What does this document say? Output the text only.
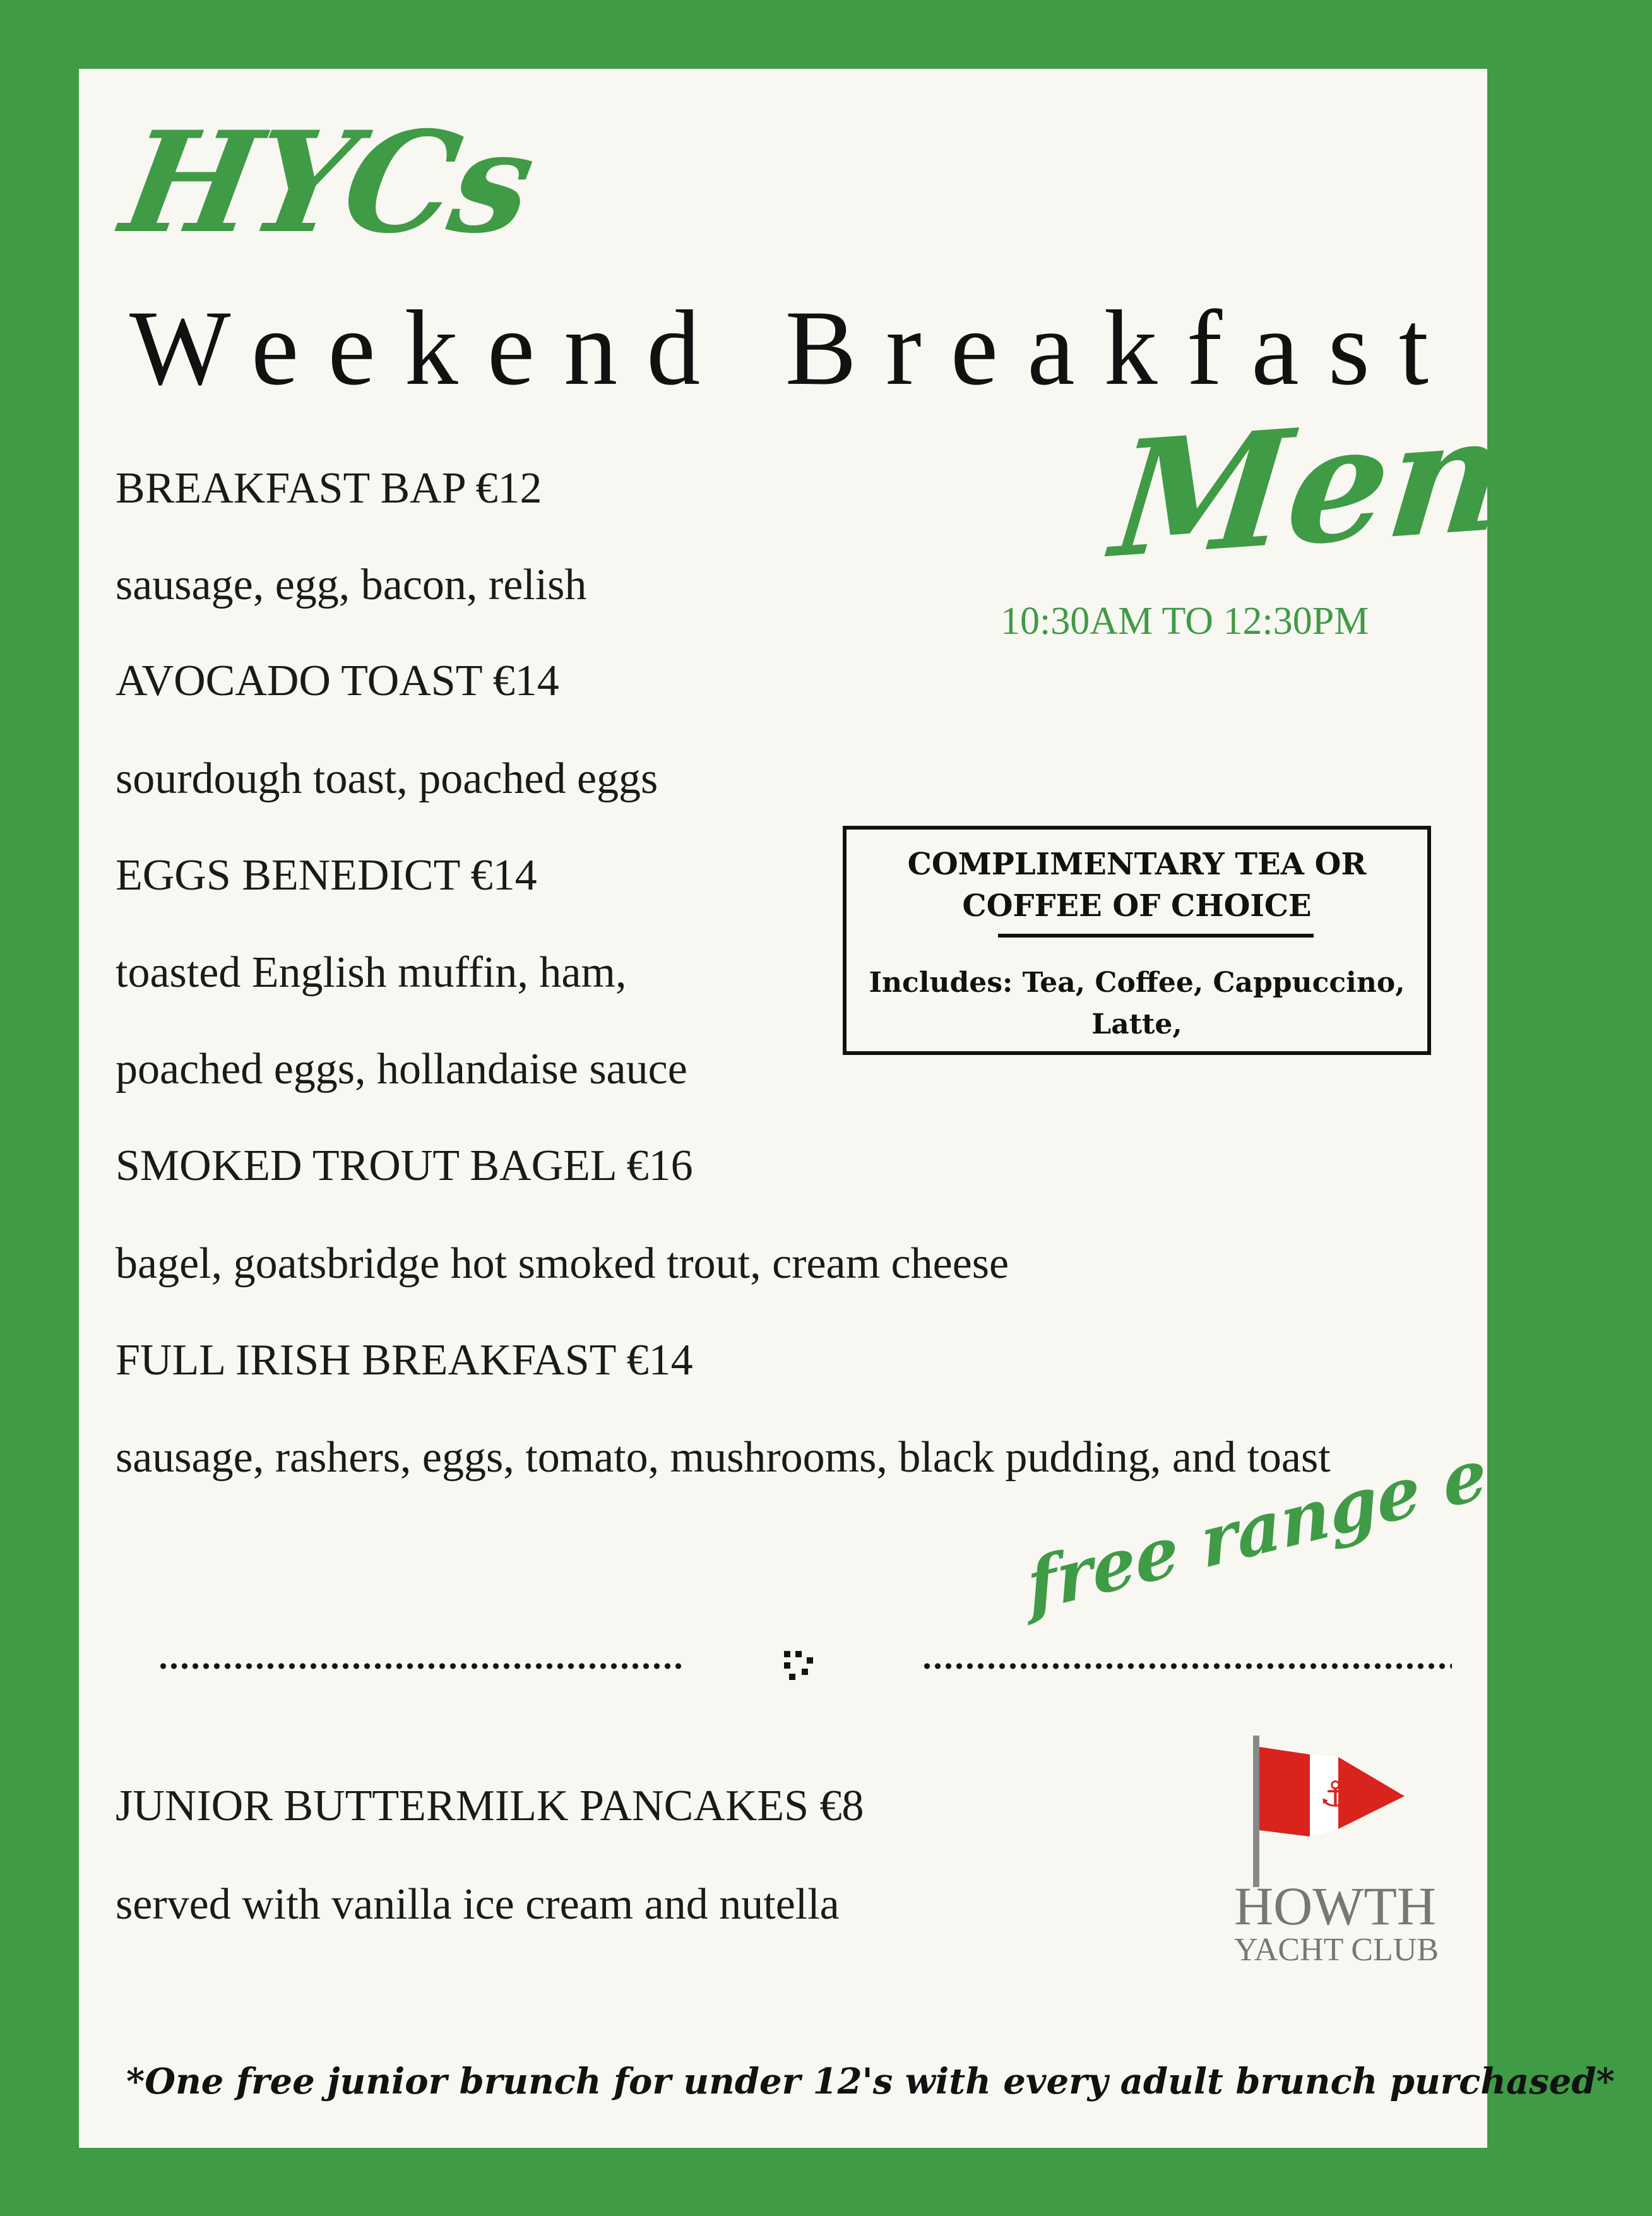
HYCs
Weekend Breakfast
Menu
10:30AM TO 12:30PM
BREAKFAST BAP €12
sausage, egg, bacon, relish
AVOCADO TOAST €14
sourdough toast, poached eggs
EGGS BENEDICT €14
toasted English muffin, ham,
poached eggs, hollandaise sauce
SMOKED TROUT BAGEL €16
bagel, goatsbridge hot smoked trout, cream cheese
FULL IRISH BREAKFAST €14
sausage, rashers, eggs, tomato, mushrooms, black pudding, and toast
COMPLIMENTARY TEA OR
COFFEE OF CHOICE
Includes: Tea, Coffee, Cappuccino,
Latte,
free range eggs!
JUNIOR BUTTERMILK PANCAKES €8
served with vanilla ice cream and nutella
⚓
HOWTH
YACHT CLUB
*One free junior brunch for under 12's with every adult brunch purchased*
